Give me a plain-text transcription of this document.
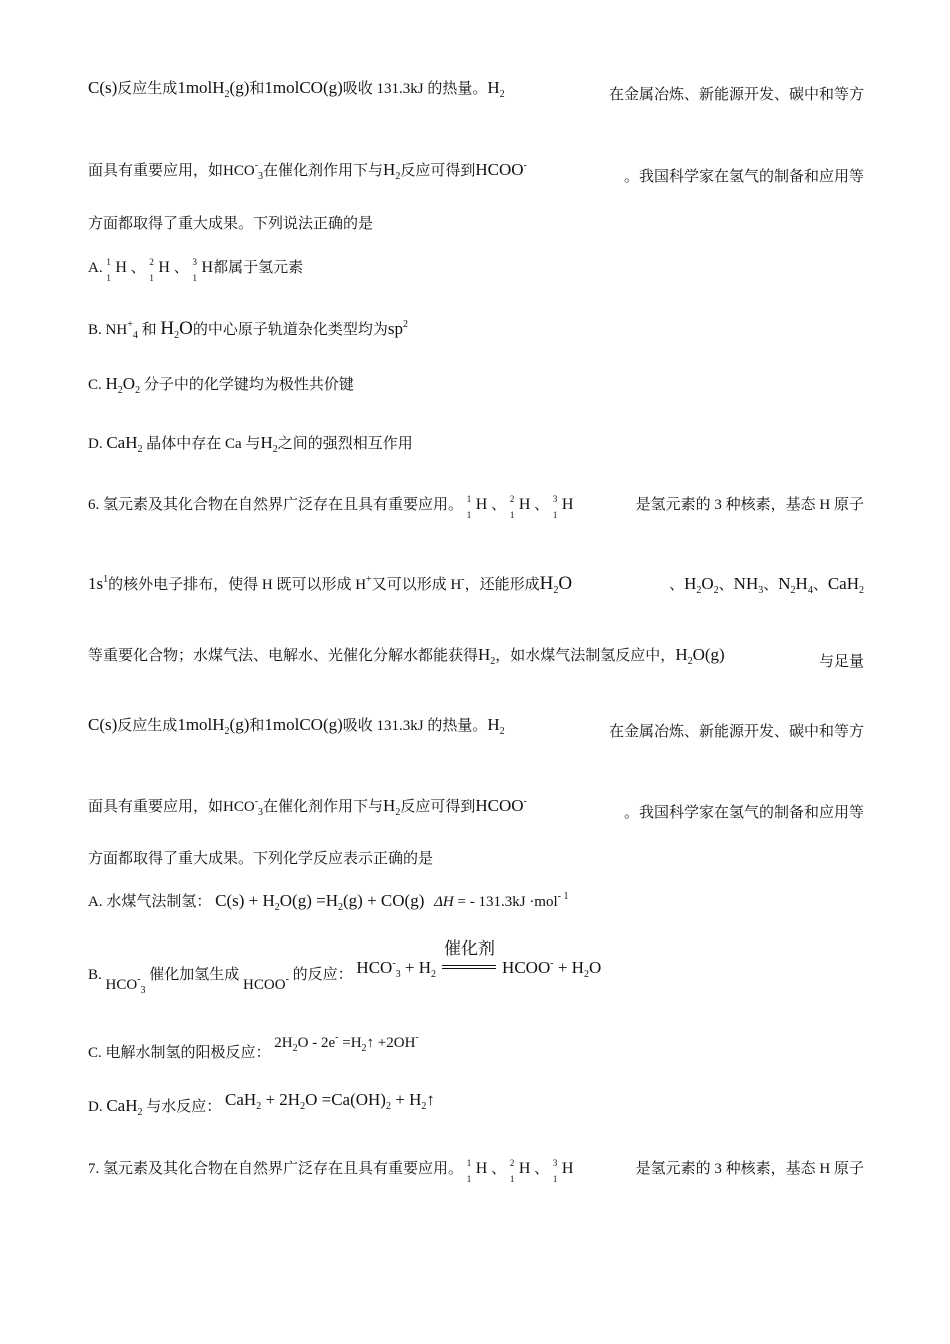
C(s)反应生成1molH$_2$(g)和1molCO(g)吸收 131.3kJ 的热量。$H_2$	在金属冶炼、新能源开发、碳中和等方
面具有重要应用，如$HCO^-_3$在催化剂作用下与$H_2$反应可得到HCOO-
。我国科学家在氢气的制备和应用等
方面都取得了重大成果。下列说法正确的是
A. 1
1
H 、 2
1
H 、 3
1
H都属于氢元素
B. $NH^+_4$ 和 $H_2O$的中心原子轨道杂化类型均为$sp^2$
C. $H_2O_2$ 分子中的化学键均为极性共价键
D. CaH$_2$ 晶体中存在 Ca 与$H_2$之间的强烈相互作用
6. 氢元素及其化合物在自然界广泛存在且具有重要应用。 1
1
H 、 2
1
H 、 3
1
H	是氢元素的 3 种核素，基态 H 原子
$1s^1$的核外电子排布，使得 H 既可以形成 H+又可以形成 H-，还能形成$H_2O$	、$H_2O_2$、$NH_3$、$N_2H_4$、CaH$_2$
等重要化合物；水煤气法、电解水、光催化分解水都能获得$H_2$，如水煤气法制氢反应中，$H_2O(g)$	与足量
C(s)反应生成1molH$_2$(g)和1molCO(g)吸收 131.3kJ 的热量。$H_2$	在金属冶炼、新能源开发、碳中和等方
面具有重要应用，如$HCO^-_3$在催化剂作用下与$H_2$反应可得到HCOO-
。我国科学家在氢气的制备和应用等
方面都取得了重大成果。下列化学反应表示正确的是
A. 水煤气法制氢： $C(s) + H_2O(g) =H_2(g) + CO(g) \Delta H$ = - 131.3kJ ·mol$^{- 1}$
B. $HCO^-_3$ 催化加氢生成 HCOO- 的反应： $HCO^-_3 + H_2$
催化剂
HCOO- + $H_2O$
C. 电解水制氢的阳极反应： $2H_2O - 2e^-$ $=H_2↑ +2OH^-$
D. CaH$_2$ 与水反应： $CaH_2 + 2H_2O =Ca(OH)_2$ + $H_2↑$
7. 氢元素及其化合物在自然界广泛存在且具有重要应用。 1
1
H 、 2
1
H 、 3
1
H	是氢元素的 3 种核素，基态 H 原子
